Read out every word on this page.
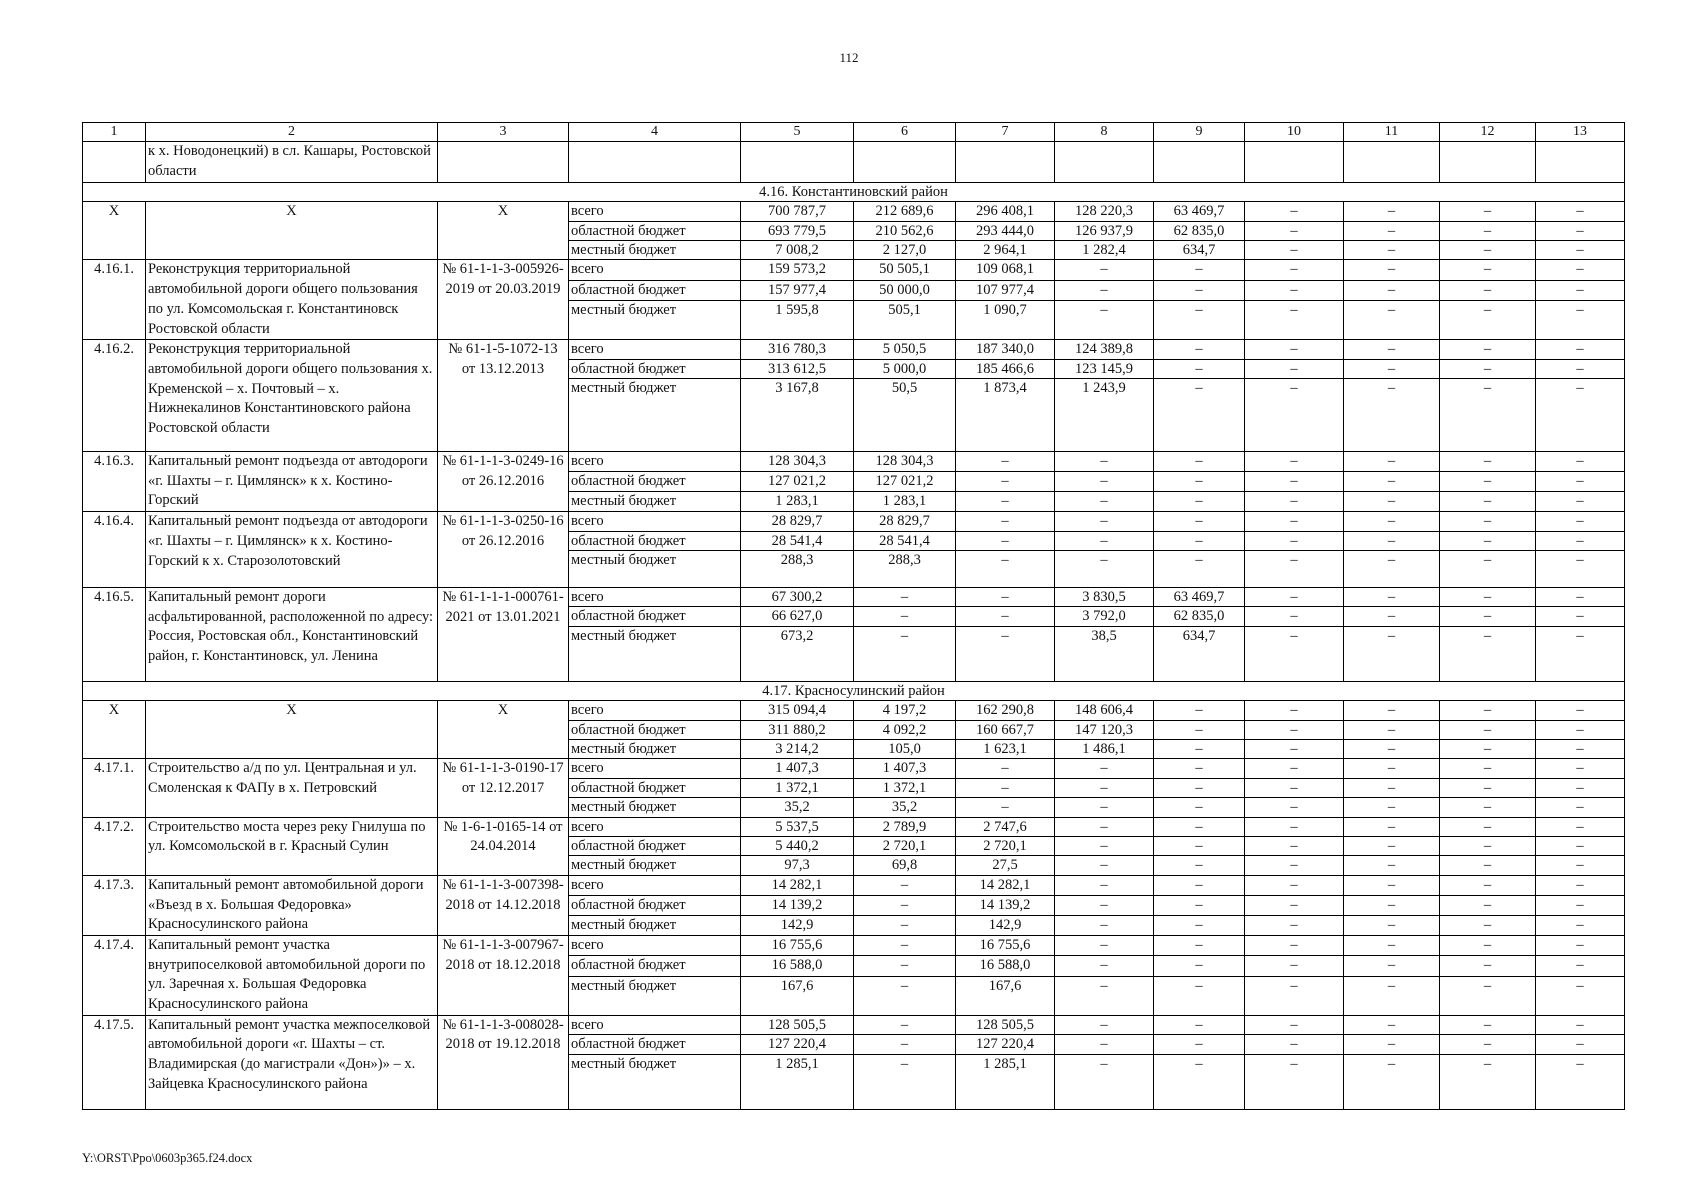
112
1	2	3	4	5	6	7	8	9	10	11	12	13
	к х. Новодонецкий) в сл. Кашары, Ростовской области											
4.16. Константиновский район												
Х	Х	Х	всего	700 787,7	212 689,6	296 408,1	128 220,3	63 469,7	–	–	–	–
			областной бюджет	693 779,5	210 562,6	293 444,0	126 937,9	62 835,0	–	–	–	–
			местный бюджет	7 008,2	2 127,0	2 964,1	1 282,4	634,7	–	–	–	–
4.16.1.	Реконструкция территориальной автомобильной дороги общего пользования по ул. Комсомольская г. Константиновск Ростовской области	№ 61-1-1-3-005926-2019 от 20.03.2019	всего	159 573,2	50 505,1	109 068,1	–	–	–	–	–	–
			областной бюджет	157 977,4	50 000,0	107 977,4	–	–	–	–	–	–
			местный бюджет	1 595,8	505,1	1 090,7	–	–	–	–	–	–
4.16.2.	Реконструкция территориальной автомобильной дороги общего пользования х. Кременской – х. Почтовый – х. Нижнекалинов Константиновского района Ростовской области	№ 61-1-5-1072-13 от 13.12.2013	всего	316 780,3	5 050,5	187 340,0	124 389,8	–	–	–	–	–
			областной бюджет	313 612,5	5 000,0	185 466,6	123 145,9	–	–	–	–	–
			местный бюджет	3 167,8	50,5	1 873,4	1 243,9	–	–	–	–	–
4.16.3.	Капитальный ремонт подъезда от автодороги «г. Шахты – г. Цимлянск» к х. Костино-Горский	№ 61-1-1-3-0249-16 от 26.12.2016	всего	128 304,3	128 304,3	–	–	–	–	–	–	–
			областной бюджет	127 021,2	127 021,2	–	–	–	–	–	–	–
			местный бюджет	1 283,1	1 283,1	–	–	–	–	–	–	–
4.16.4.	Капитальный ремонт подъезда от автодороги «г. Шахты – г. Цимлянск» к х. Костино-Горский к х. Старозолотовский	№ 61-1-1-3-0250-16 от 26.12.2016	всего	28 829,7	28 829,7	–	–	–	–	–	–	–
			областной бюджет	28 541,4	28 541,4	–	–	–	–	–	–	–
			местный бюджет	288,3	288,3	–	–	–	–	–	–	–
4.16.5.	Капитальный ремонт дороги асфальтированной, расположенной по адресу: Россия, Ростовская обл., Константиновский район, г. Константиновск, ул. Ленина	№ 61-1-1-1-000761-2021 от 13.01.2021	всего	67 300,2	–	–	3 830,5	63 469,7	–	–	–	–
			областной бюджет	66 627,0	–	–	3 792,0	62 835,0	–	–	–	–
			местный бюджет	673,2	–	–	38,5	634,7	–	–	–	–
4.17. Красносулинский район												
Х	Х	Х	всего	315 094,4	4 197,2	162 290,8	148 606,4	–	–	–	–	–
			областной бюджет	311 880,2	4 092,2	160 667,7	147 120,3	–	–	–	–	–
			местный бюджет	3 214,2	105,0	1 623,1	1 486,1	–	–	–	–	–
4.17.1.	Строительство а/д по ул. Центральная и ул. Смоленская к ФАПу в х. Петровский	№ 61-1-1-3-0190-17 от 12.12.2017	всего	1 407,3	1 407,3	–	–	–	–	–	–	–
			областной бюджет	1 372,1	1 372,1	–	–	–	–	–	–	–
			местный бюджет	35,2	35,2	–	–	–	–	–	–	–
4.17.2.	Строительство моста через реку Гнилуша по ул. Комсомольской в г. Красный Сулин	№ 1-6-1-0165-14 от 24.04.2014	всего	5 537,5	2 789,9	2 747,6	–	–	–	–	–	–
			областной бюджет	5 440,2	2 720,1	2 720,1	–	–	–	–	–	–
			местный бюджет	97,3	69,8	27,5	–	–	–	–	–	–
4.17.3.	Капитальный ремонт автомобильной дороги «Въезд в х. Большая Федоровка» Красносулинского района	№ 61-1-1-3-007398-2018 от 14.12.2018	всего	14 282,1	–	14 282,1	–	–	–	–	–	–
			областной бюджет	14 139,2	–	14 139,2	–	–	–	–	–	–
			местный бюджет	142,9	–	142,9	–	–	–	–	–	–
4.17.4.	Капитальный ремонт участка внутрипоселковой автомобильной дороги по ул. Заречная х. Большая Федоровка Красносулинского района	№ 61-1-1-3-007967-2018 от 18.12.2018	всего	16 755,6	–	16 755,6	–	–	–	–	–	–
			областной бюджет	16 588,0	–	16 588,0	–	–	–	–	–	–
			местный бюджет	167,6	–	167,6	–	–	–	–	–	–
4.17.5.	Капитальный ремонт участка межпоселковой автомобильной дороги «г. Шахты – ст. Владимирская (до магистрали «Дон»)» – х. Зайцевка Красносулинского района	№ 61-1-1-3-008028-2018 от 19.12.2018	всего	128 505,5	–	128 505,5	–	–	–	–	–	–
			областной бюджет	127 220,4	–	127 220,4	–	–	–	–	–	–
			местный бюджет	1 285,1	–	1 285,1	–	–	–	–	–	–
Y:\ORST\Ppo\0603p365.f24.docx
